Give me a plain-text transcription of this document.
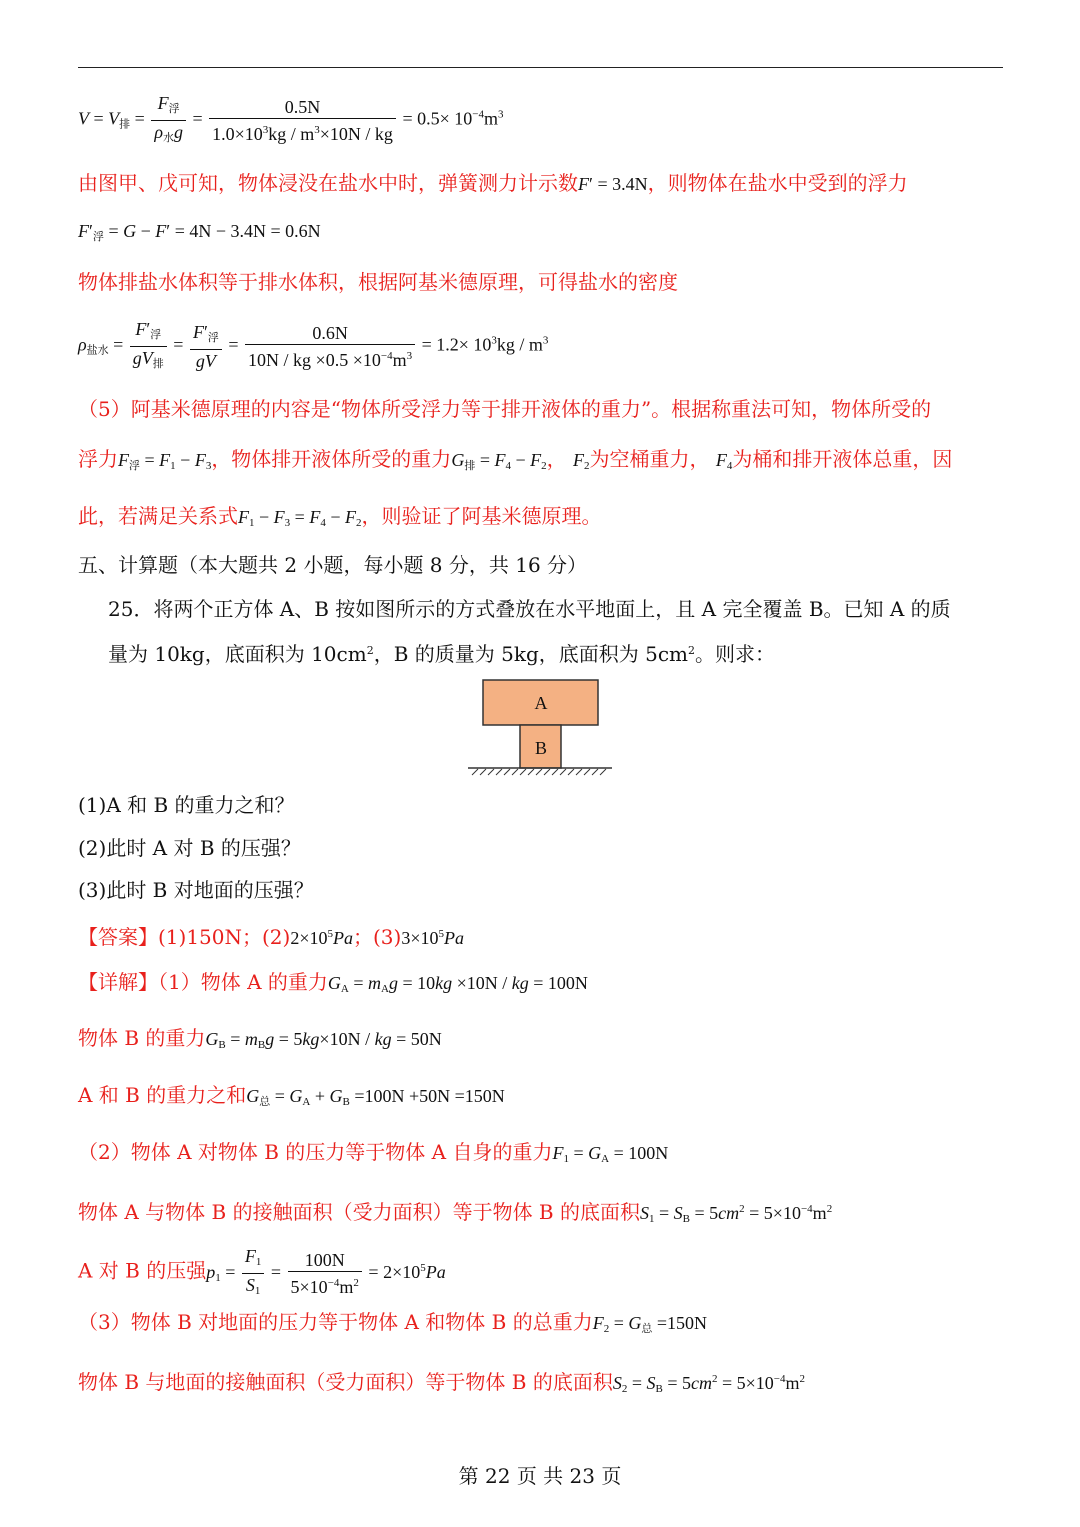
$V = V_排 = \frac{F_浮}{\rho_水g} = \frac{0.5N}{1.0\times 10^3kg / m^3\times 10N / kg} = 0.5\times 10^{-4}m^3$
由图甲、戊可知，物体浸没在盐水中时，弹簧测力计示数F′ = 3.4N，则物体在盐水中受到的浮力
$F'_浮 = G - F' = 4N - 3.4N = 0.6N$
物体排盐水体积等于排水体积，根据阿基米德原理，可得盐水的密度
$\rho_{盐水} = \frac{F'_浮}{gV_排} = \frac{F'_浮}{gV} = \frac{0.6N}{10N / kg \times 0.5 \times 10^{-4}m^3} = 1.2\times 10^3kg / m^3$
（5）阿基米德原理的内容是“物体所受浮力等于排开液体的重力”。根据称重法可知，物体所受的
浮力$F_浮 = F_1 - F_3$，物体排开液体所受的重力$G_排 = F_4 - F_2$， $F_2$为空桶重力， $F_4$为桶和排开液体总重，因
此，若满足关系式$F_1 - F_3 = F_4 - F_2$，则验证了阿基米德原理。
五、计算题（本大题共 2 小题，每小题 8 分，共 16 分）
25．将两个正方体 A、B 按如图所示的方式叠放在水平地面上，且 A 完全覆盖 B。已知 A 的质
量为 10kg，底面积为 $10cm^2$，B 的质量为 5kg，底面积为 $5cm^2$。则求：
A
B
(1)A 和 B 的重力之和？
(2)此时 A 对 B 的压强？
(3)此时 B 对地面的压强？
【答案】(1)150N；$(2)2\times 10^5Pa$；$(3)3\times 10^5Pa$
【详解】（1）物体 A 的重力$G_A = m_Ag = 10kg \times 10N$ / kg = 100N
物体 B 的重力$G_B = m_Bg = 5kg\times 10N$ / kg = 50N
A 和 B 的重力之和$G_总 = G_A + G_B =100N +50N =150N$
（2）物体 A 对物体 B 的压力等于物体 A 自身的重力$F_1 = G_A = 100N$
物体 A 与物体 B 的接触面积（受力面积）等于物体 B 的底面积$S_1 = S_B = 5cm^2 = 5\times 10^{-4}m^2$
A 对 B 的压强$p_1 = \frac{F_1}{S_1} = \frac{100N}{5\times 10^{-4}m^2} = 2\times 10^5Pa$
（3）物体 B 对地面的压力等于物体 A 和物体 B 的总重力$F_2 = G_总 =150N$
物体 B 与地面的接触面积（受力面积）等于物体 B 的底面积$S_2 = S_B = 5cm^2 = 5\times 10^{-4}m^2$
第 22 页 共 23 页
